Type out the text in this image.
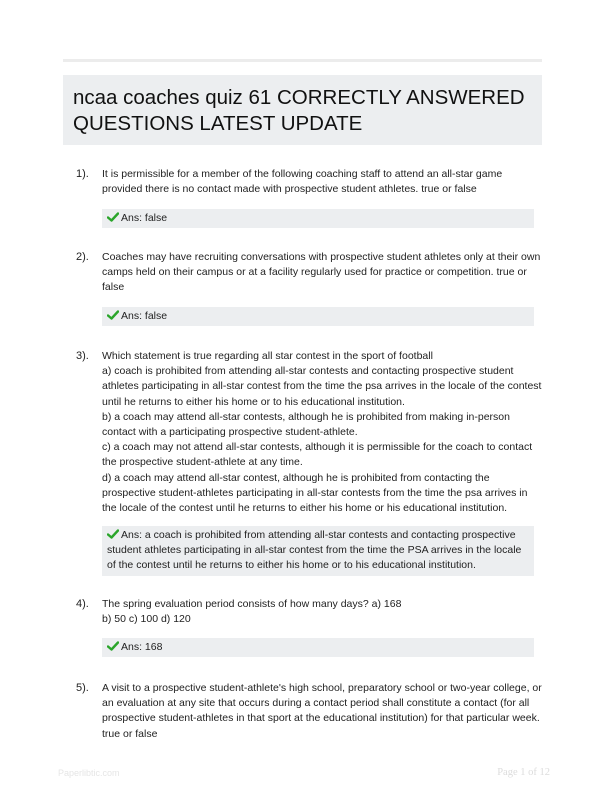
ncaa coaches quiz 61 CORRECTLY ANSWERED QUESTIONS LATEST UPDATE
1). It is permissible for a member of the following coaching staff to attend an all-star game provided there is no contact made with prospective student athletes. true or false
Ans: false
2). Coaches may have recruiting conversations with prospective student athletes only at their own camps held on their campus or at a facility regularly used for practice or competition. true or false
Ans: false
3). Which statement is true regarding all star contest in the sport of football
a) coach is prohibited from attending all-star contests and contacting prospective student athletes participating in all-star contest from the time the psa arrives in the locale of the contest until he returns to either his home or to his educational institution.
b) a coach may attend all-star contests, although he is prohibited from making in-person contact with a participating prospective student-athlete.
c) a coach may not attend all-star contests, although it is permissible for the coach to contact the prospective student-athlete at any time.
d) a coach may attend all-star contest, although he is prohibited from contacting the prospective student-athletes participating in all-star contests from the time the psa arrives in the locale of the contest until he returns to either his home or his educational institution.
Ans: a coach is prohibited from attending all-star contests and contacting prospective student athletes participating in all-star contest from the time the PSA arrives in the locale of the contest until he returns to either his home or to his educational institution.
4). The spring evaluation period consists of how many days? a) 168
b) 50 c) 100 d) 120
Ans: 168
5). A visit to a prospective student-athlete's high school, preparatory school or two-year college, or an evaluation at any site that occurs during a contact period shall constitute a contact (for all prospective student-athletes in that sport at the educational institution) for that particular week. true or false
Paperlibtic.com	Page 1 of 12
